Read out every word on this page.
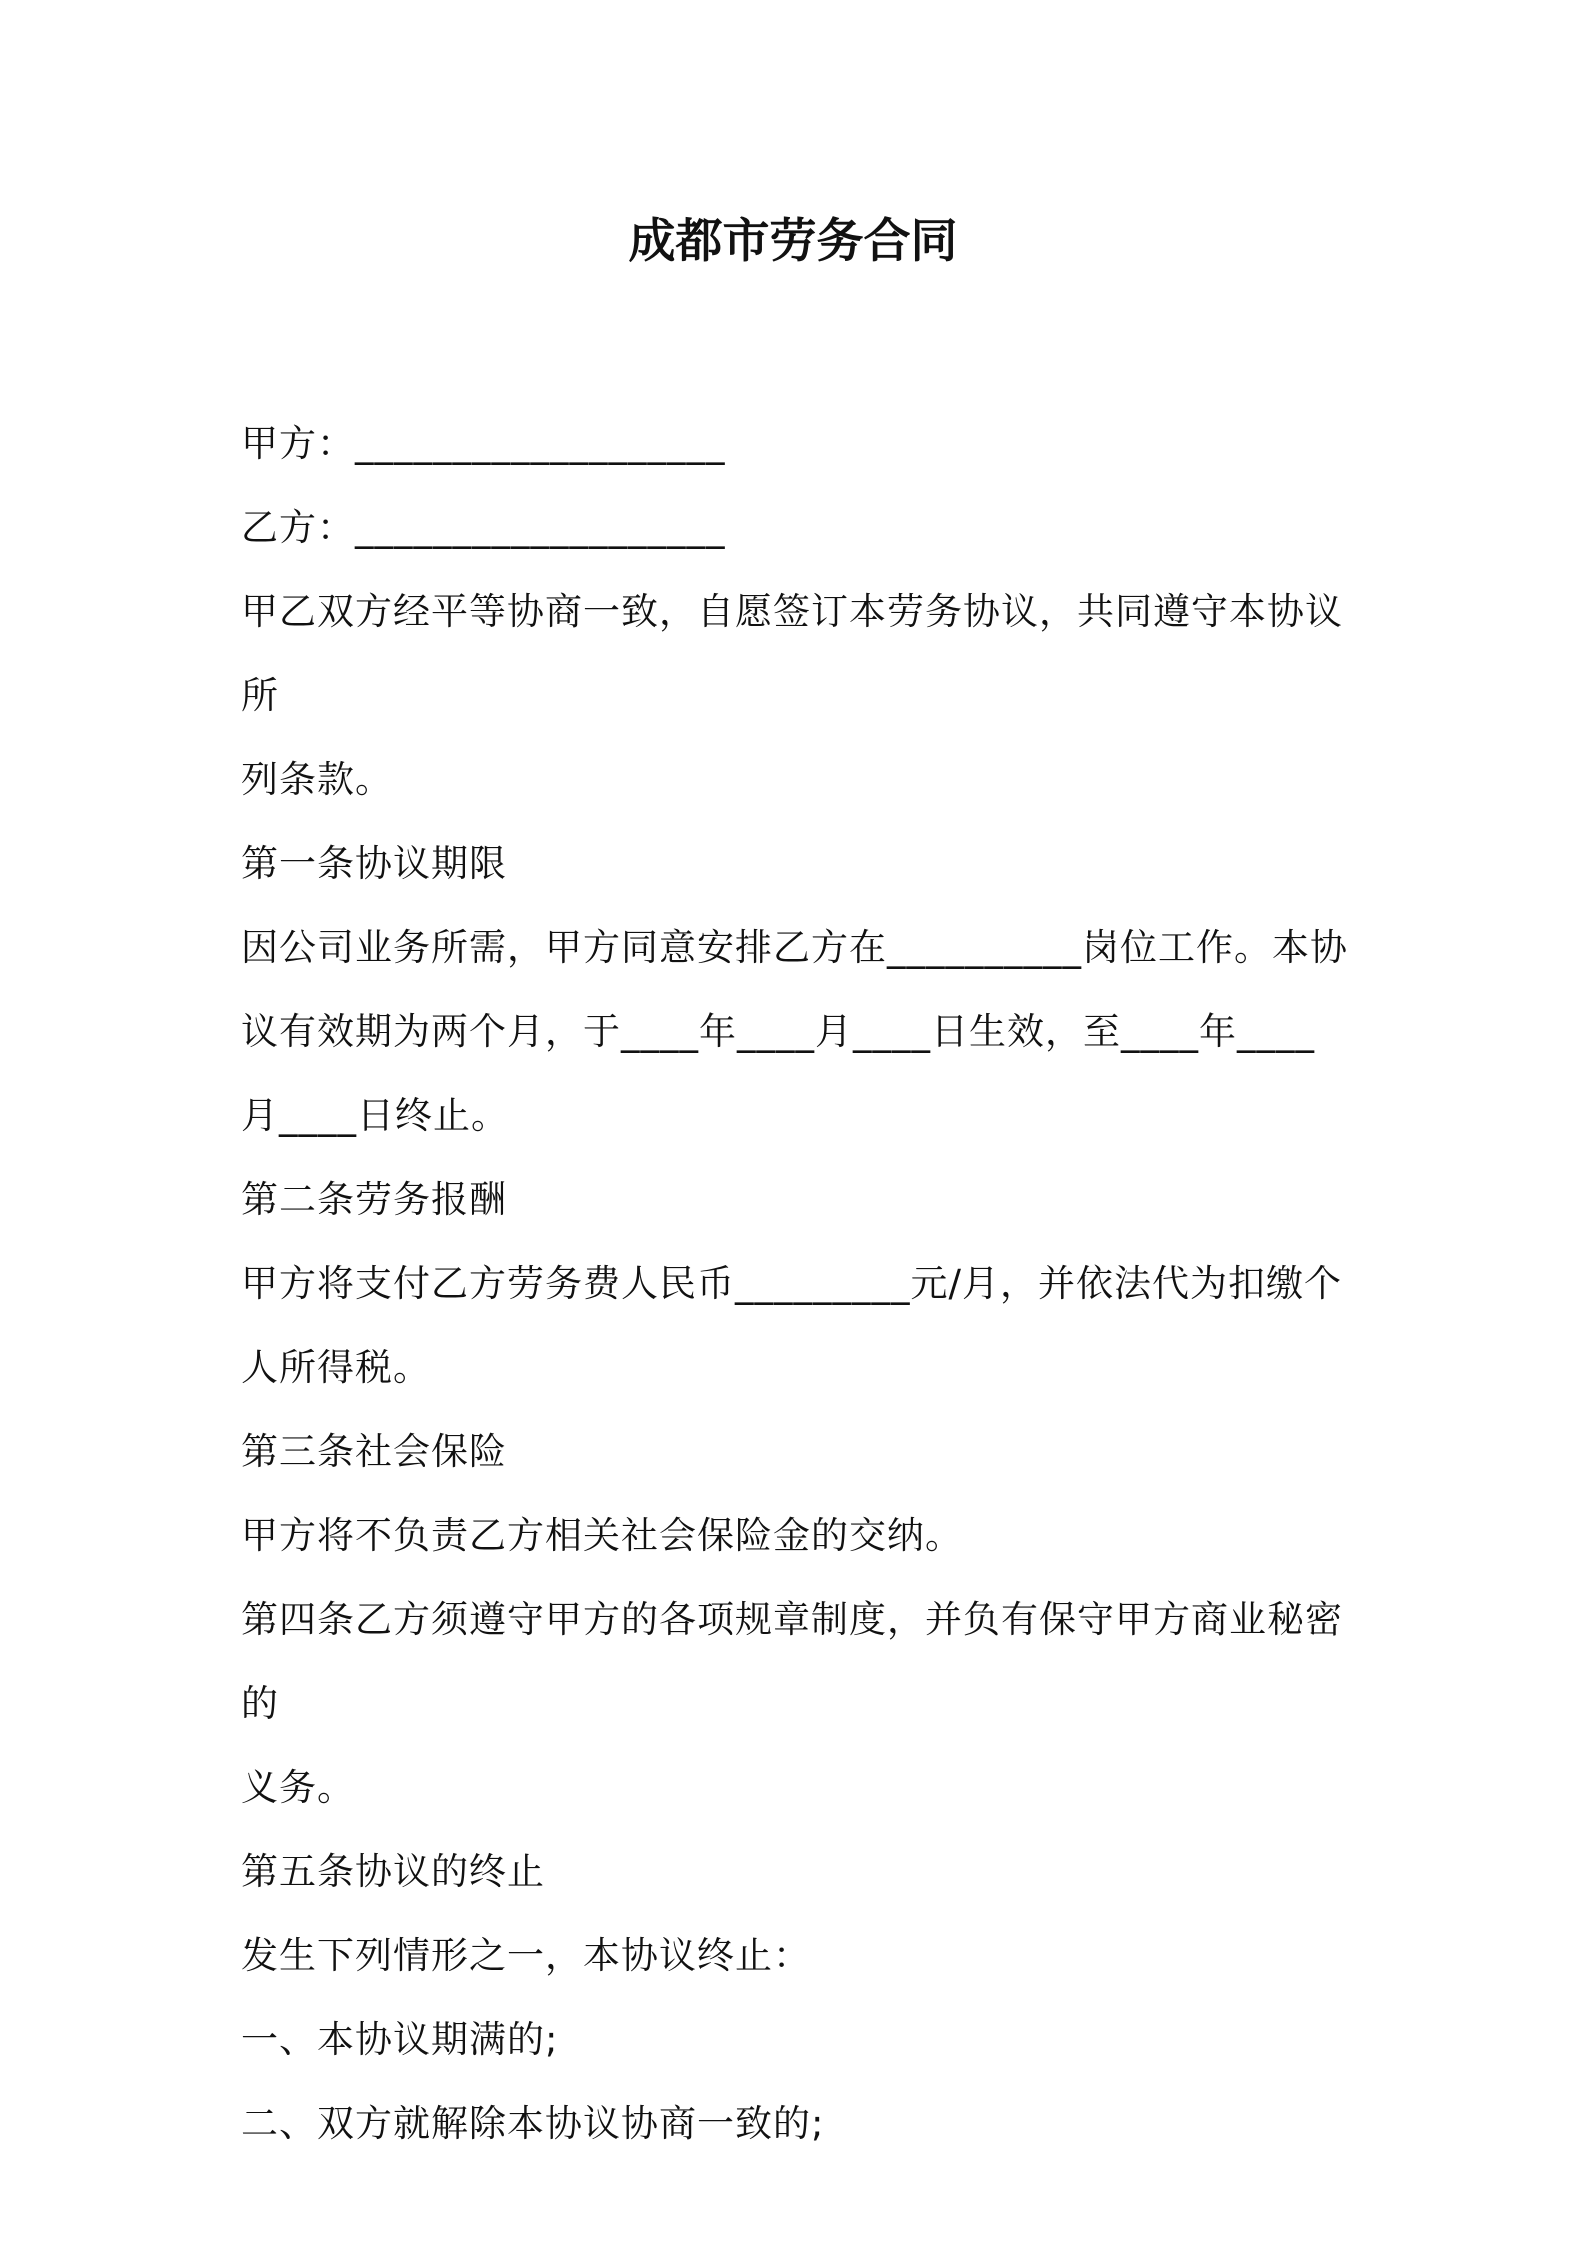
成都市劳务合同

甲方：___________________

乙方：___________________

甲乙双方经平等协商一致，自愿签订本劳务协议，共同遵守本协议所

列条款。

第一条协议期限

因公司业务所需，甲方同意安排乙方在__________岗位工作。本协

议有效期为两个月，于____年____月____日生效，至____年____

月____日终止。

第二条劳务报酬

甲方将支付乙方劳务费人民币_________元/月，并依法代为扣缴个

人所得税。

第三条社会保险

甲方将不负责乙方相关社会保险金的交纳。

第四条乙方须遵守甲方的各项规章制度，并负有保守甲方商业秘密的

义务。

第五条协议的终止

发生下列情形之一，本协议终止：

一、本协议期满的;

二、双方就解除本协议协商一致的;
